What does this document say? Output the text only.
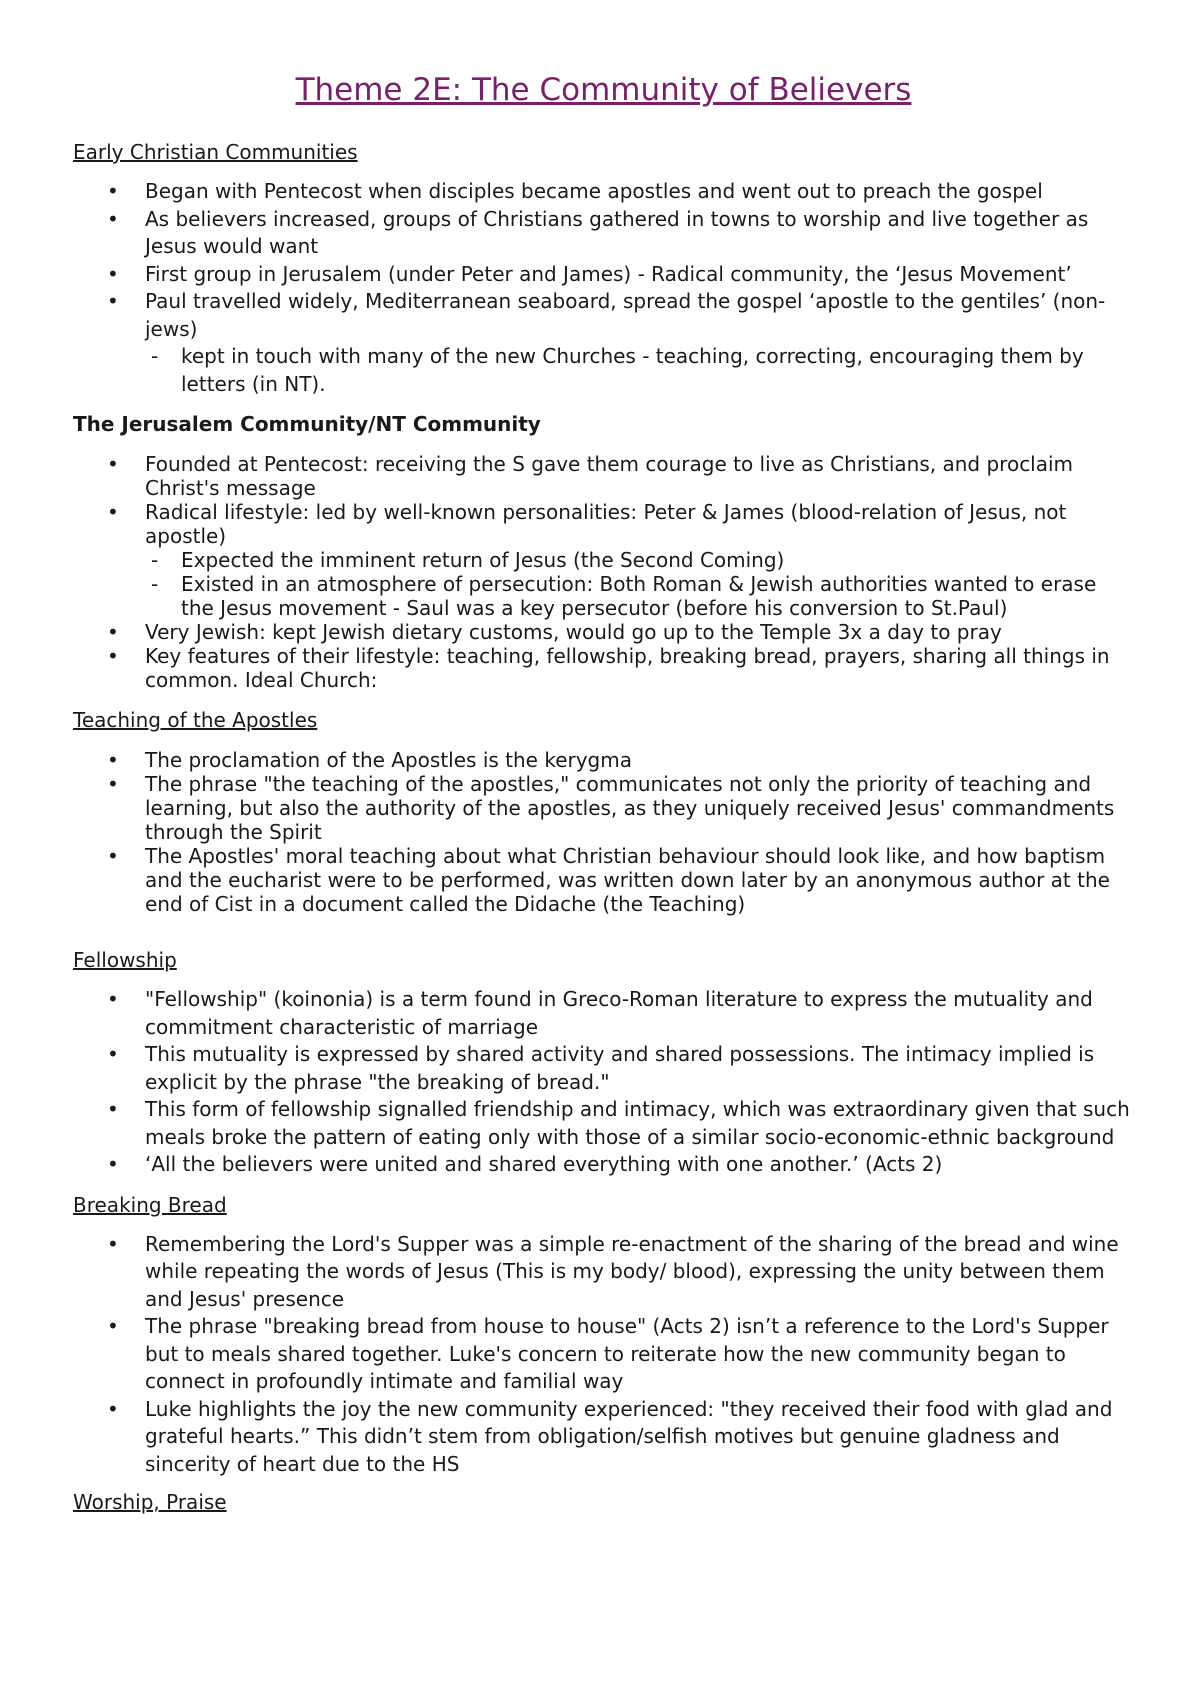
Theme 2E: The Community of Believers
Early Christian Communities
• Began with Pentecost when disciples became apostles and went out to preach the gospel
• As believers increased, groups of Christians gathered in towns to worship and live together as Jesus would want
• First group in Jerusalem (under Peter and James) - Radical community, the ‘Jesus Movement’
• Paul travelled widely, Mediterranean seaboard, spread the gospel ‘apostle to the gentiles’ (non-jews)
- kept in touch with many of the new Churches - teaching, correcting, encouraging them by letters (in NT).
The Jerusalem Community/NT Community
• Founded at Pentecost: receiving the S gave them courage to live as Christians, and proclaim Christ's message
• Radical lifestyle: led by well-known personalities: Peter & James (blood-relation of Jesus, not apostle)
- Expected the imminent return of Jesus (the Second Coming)
- Existed in an atmosphere of persecution: Both Roman & Jewish authorities wanted to erase the Jesus movement - Saul was a key persecutor (before his conversion to St.Paul)
• Very Jewish: kept Jewish dietary customs, would go up to the Temple 3x a day to pray
• Key features of their lifestyle: teaching, fellowship, breaking bread, prayers, sharing all things in common. Ideal Church:
Teaching of the Apostles
• The proclamation of the Apostles is the kerygma
• The phrase "the teaching of the apostles," communicates not only the priority of teaching and learning, but also the authority of the apostles, as they uniquely received Jesus' commandments through the Spirit
• The Apostles' moral teaching about what Christian behaviour should look like, and how baptism and the eucharist were to be performed, was written down later by an anonymous author at the end of Cist in a document called the Didache (the Teaching)
Fellowship
• "Fellowship" (koinonia) is a term found in Greco-Roman literature to express the mutuality and commitment characteristic of marriage
• This mutuality is expressed by shared activity and shared possessions. The intimacy implied is explicit by the phrase "the breaking of bread."
• This form of fellowship signalled friendship and intimacy, which was extraordinary given that such meals broke the pattern of eating only with those of a similar socio-economic-ethnic background
• ‘All the believers were united and shared everything with one another.’ (Acts 2)
Breaking Bread
• Remembering the Lord's Supper was a simple re-enactment of the sharing of the bread and wine while repeating the words of Jesus (This is my body/ blood), expressing the unity between them and Jesus' presence
• The phrase "breaking bread from house to house" (Acts 2) isn’t a reference to the Lord's Supper but to meals shared together. Luke's concern to reiterate how the new community began to connect in profoundly intimate and familial way
• Luke highlights the joy the new community experienced: "they received their food with glad and grateful hearts.” This didn’t stem from obligation/selfish motives but genuine gladness and sincerity of heart due to the HS
Worship, Praise
